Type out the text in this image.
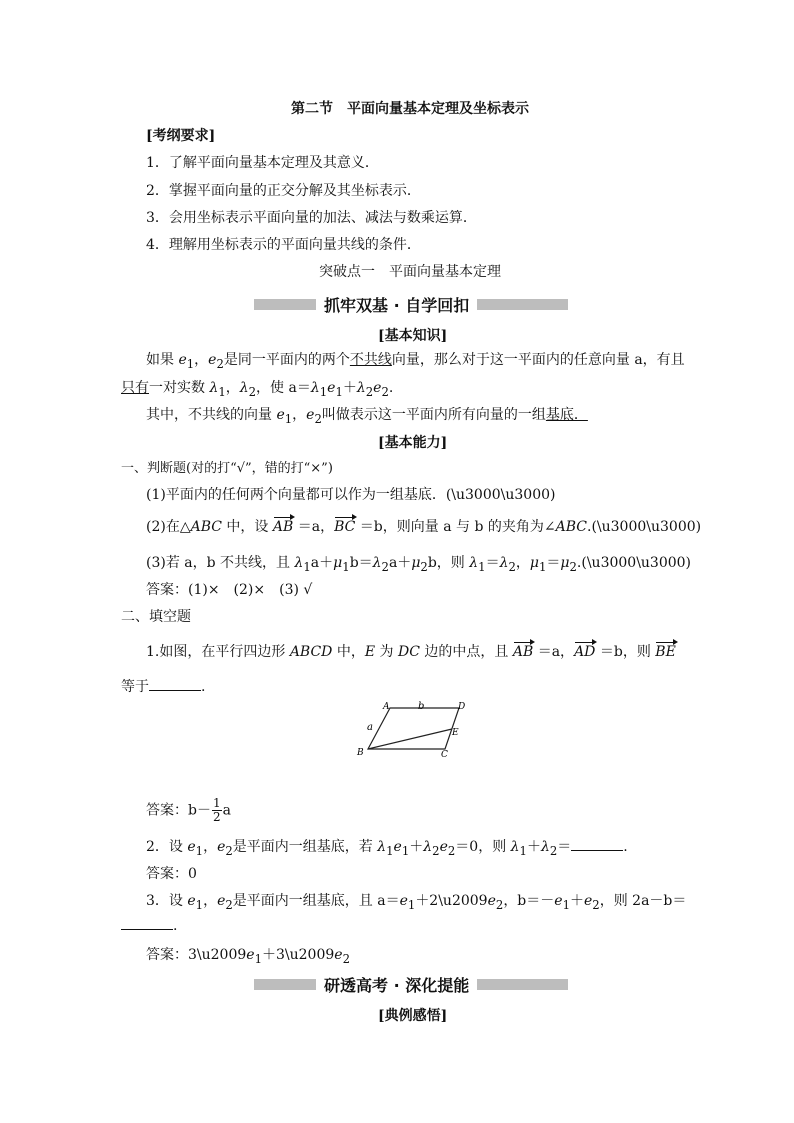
第二节　平面向量基本定理及坐标表示
[考纲要求]
1．了解平面向量基本定理及其意义．
2．掌握平面向量的正交分解及其坐标表示．
3．会用坐标表示平面向量的加法、减法与数乘运算．
4．理解用坐标表示的平面向量共线的条件．
突破点一　平面向量基本定理
抓牢双基 · 自学回扣
[基本知识]
如果 $e_1$，$e_2$是同一平面内的两个不共线向量，那么对于这一平面内的任意向量 a，有且
只有一对实数 $\lambda_1$，$\lambda_2$，使 $a=\lambda_1e_1+\lambda_2e_2$.
其中，不共线的向量 $e_1$，$e_2$叫做表示这一平面内所有向量的一组基底．
[基本能力]
一、判断题(对的打“√”，错的打“×”)
(1)平面内的任何两个向量都可以作为一组基底．(\u3000\u3000)
(2)在△ABC 中，设 AB ＝a，BC ＝b，则向量 a 与 b 的夹角为∠ABC.(\u3000\u3000)
(3)若 a，b 不共线，且 $\lambda_1a+\mu_1b=\lambda_2a+\mu_2b$，则 $\lambda_1=\lambda_2$，$\mu_1=\mu_2.(\backslash u3000\backslash u3000)$
答案：(1)×　(2)×　(3) √
二、填空题
1.如图，在平行四边形 ABCD 中，E 为 DC 边的中点，且 AB ＝a，AD ＝b，则 BE
等于	.
A	D
B	C
E
a
b
答案：$b- \frac{1}{2}$ a
2．设 $e_1$，$e_2$是平面内一组基底，若 $\lambda_1e_1+\lambda_2e_2=0$，则 $\lambda_1+\lambda_2=$	.
答案：0
3．设 $e_1$，$e_2$是平面内一组基底，且 $a=e_1+2\backslash u2009e_2$，$b=-e_1+e_2$，则 2a－b＝
.
答案：$3\backslash u2009e_1+3\backslash u2009e_2$
研透高考 · 深化提能
[典例感悟]
